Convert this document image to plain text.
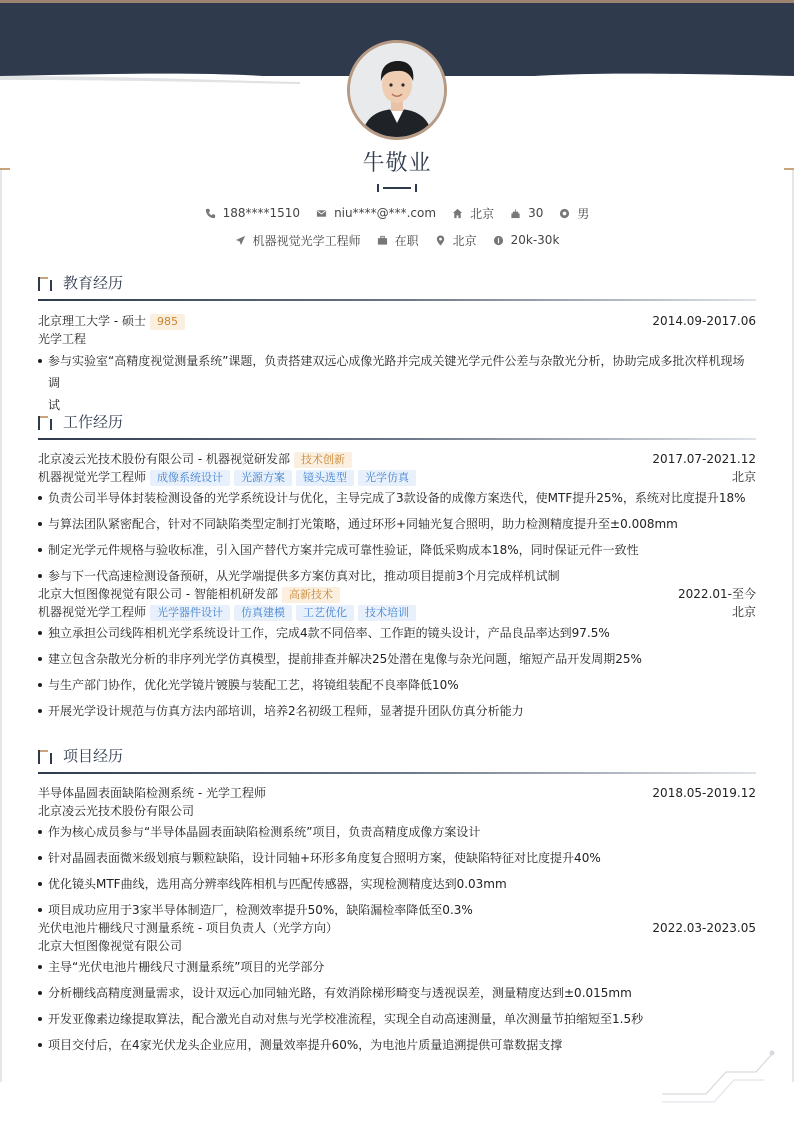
牛敬业
188****1510	niu****@***.com	北京	30	男
机器视觉光学工程师	在职	北京	20k-30k
教育经历
北京理工大学 - 硕士 985	2014.09-2017.06
光学工程
参与实验室“高精度视觉测量系统”课题，负责搭建双远心成像光路并完成关键光学元件公差与杂散光分析，协助完成多批次样机现场调
试
工作经历
北京凌云光技术股份有限公司 - 机器视觉研发部 技术创新	2017.07-2021.12
机器视觉光学工程师 成像系统设计 光源方案 镜头选型 光学仿真	北京
负责公司半导体封装检测设备的光学系统设计与优化，主导完成了3款设备的成像方案迭代，使MTF提升25%，系统对比度提升18%
与算法团队紧密配合，针对不同缺陷类型定制打光策略，通过环形+同轴光复合照明，助力检测精度提升至±0.008mm
制定光学元件规格与验收标准，引入国产替代方案并完成可靠性验证，降低采购成本18%，同时保证元件一致性
参与下一代高速检测设备预研，从光学端提供多方案仿真对比，推动项目提前3个月完成样机试制
北京大恒图像视觉有限公司 - 智能相机研发部 高新技术	2022.01-至今
机器视觉光学工程师 光学器件设计 仿真建模 工艺优化 技术培训	北京
独立承担公司线阵相机光学系统设计工作，完成4款不同倍率、工作距的镜头设计，产品良品率达到97.5%
建立包含杂散光分析的非序列光学仿真模型，提前排查并解决25处潜在鬼像与杂光问题，缩短产品开发周期25%
与生产部门协作，优化光学镜片镀膜与装配工艺，将镜组装配不良率降低10%
开展光学设计规范与仿真方法内部培训，培养2名初级工程师，显著提升团队仿真分析能力
项目经历
半导体晶圆表面缺陷检测系统 - 光学工程师	2018.05-2019.12
北京凌云光技术股份有限公司
作为核心成员参与“半导体晶圆表面缺陷检测系统”项目，负责高精度成像方案设计
针对晶圆表面微米级划痕与颗粒缺陷，设计同轴+环形多角度复合照明方案，使缺陷特征对比度提升40%
优化镜头MTF曲线，选用高分辨率线阵相机与匹配传感器，实现检测精度达到0.03mm
项目成功应用于3家半导体制造厂，检测效率提升50%，缺陷漏检率降低至0.3%
光伏电池片栅线尺寸测量系统 - 项目负责人（光学方向）	2022.03-2023.05
北京大恒图像视觉有限公司
主导“光伏电池片栅线尺寸测量系统”项目的光学部分
分析栅线高精度测量需求，设计双远心加同轴光路，有效消除梯形畸变与透视误差，测量精度达到±0.015mm
开发亚像素边缘提取算法，配合激光自动对焦与光学校准流程，实现全自动高速测量，单次测量节拍缩短至1.5秒
项目交付后，在4家光伏龙头企业应用，测量效率提升60%，为电池片质量追溯提供可靠数据支撑
